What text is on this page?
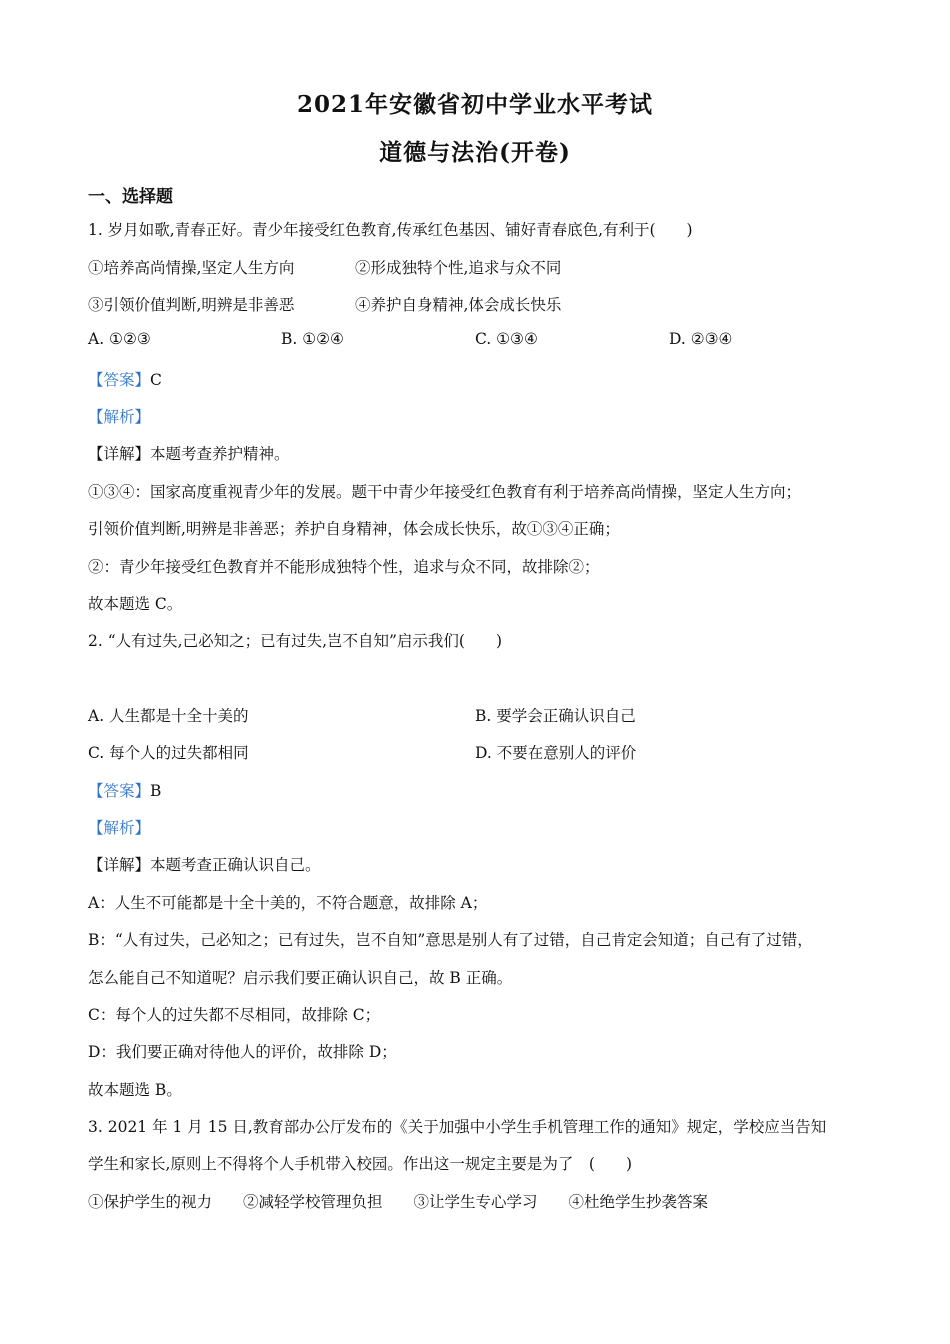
2021年安徽省初中学业水平考试
道德与法治(开卷)
一、选择题
1. 岁月如歌,青春正好。青少年接受红色教育,传承红色基因、铺好青春底色,有利于(　　)
①培养高尚情操,坚定人生方向	②形成独特个性,追求与众不同
③引领价值判断,明辨是非善恶	④养护自身精神,体会成长快乐
A. ①②③	B. ①②④	C. ①③④	D. ②③④
【答案】C
【解析】
【详解】本题考查养护精神。
①③④：国家高度重视青少年的发展。题干中青少年接受红色教育有利于培养高尚情操，坚定人生方向；
引领价值判断,明辨是非善恶；养护自身精神，体会成长快乐，故①③④正确；
②：青少年接受红色教育并不能形成独特个性，追求与众不同，故排除②；
故本题选 C。
2. “人有过失,己必知之；已有过失,岂不自知”启示我们(　　)
A. 人生都是十全十美的	B. 要学会正确认识自己
C. 每个人的过失都相同	D. 不要在意别人的评价
【答案】B
【解析】
【详解】本题考查正确认识自己。
A：人生不可能都是十全十美的，不符合题意，故排除 A；
B：“人有过失，己必知之；已有过失，岂不自知”意思是别人有了过错，自己肯定会知道；自己有了过错，
怎么能自己不知道呢？启示我们要正确认识自己，故 B 正确。
C：每个人的过失都不尽相同，故排除 C；
D：我们要正确对待他人的评价，故排除 D；
故本题选 B。
3. 2021 年 1 月 15 日,教育部办公厅发布的《关于加强中小学生手机管理工作的通知》规定，学校应当告知
学生和家长,原则上不得将个人手机带入校园。作出这一规定主要是为了　(　　)
①保护学生的视力　　②减轻学校管理负担　　③让学生专心学习　　④杜绝学生抄袭答案
